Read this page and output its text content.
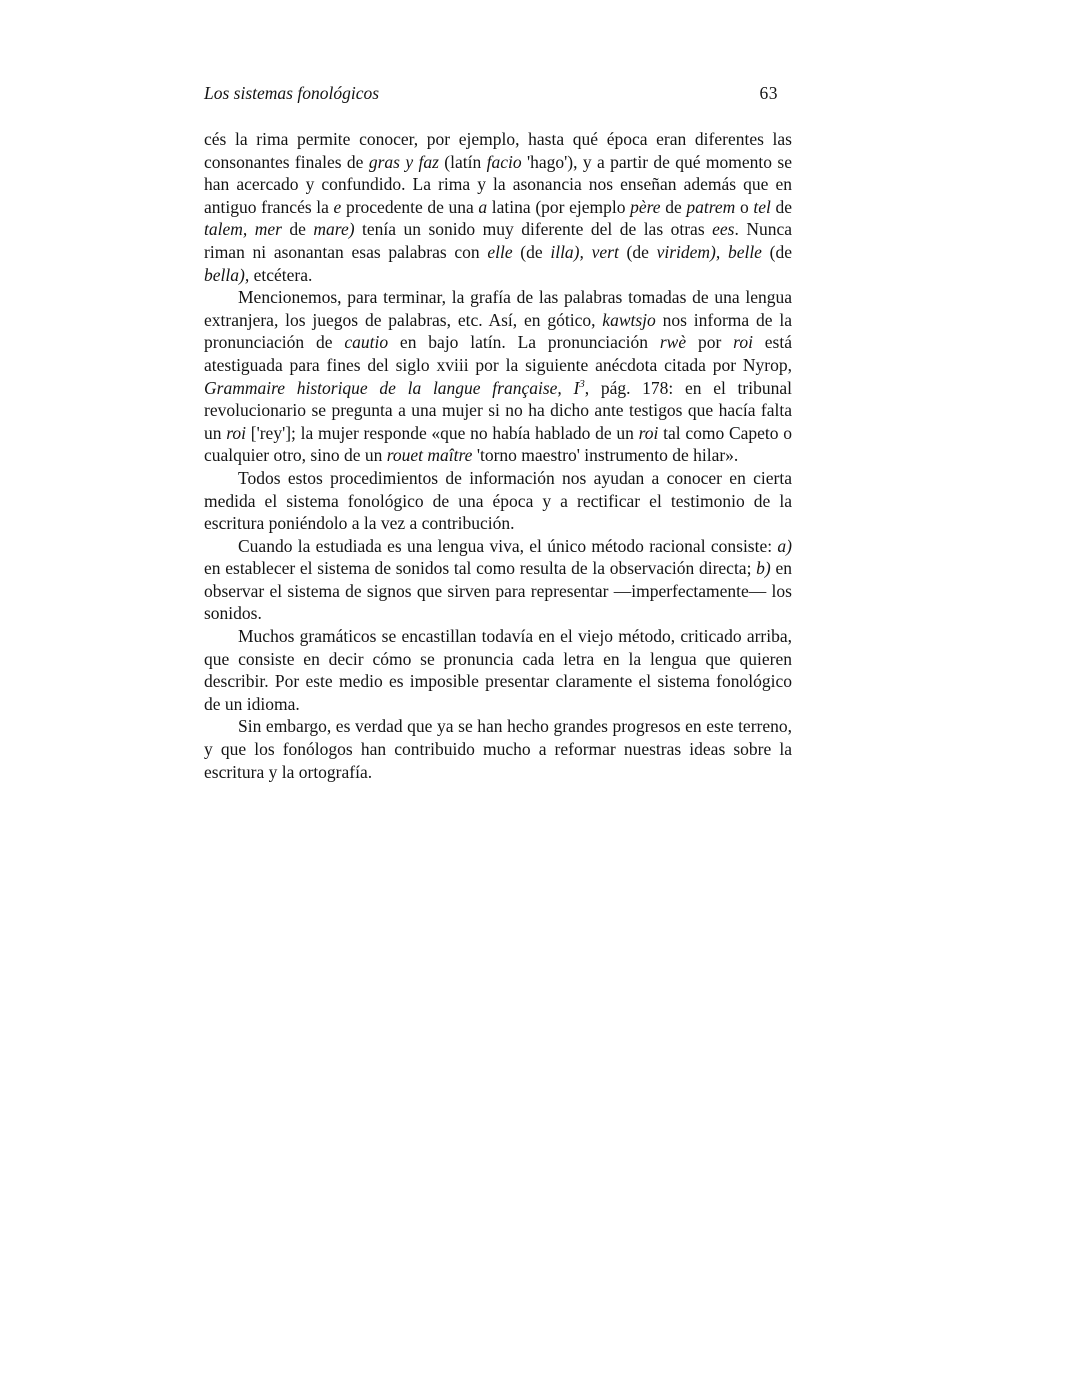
Los sistemas fonológicos	63

cés la rima permite conocer, por ejemplo, hasta qué época eran diferentes las consonantes finales de gras y faz (latín facio 'hago'), y a partir de qué momento se han acercado y confundido. La rima y la asonancia nos enseñan además que en antiguo francés la e procedente de una a latina (por ejemplo père de patrem o tel de talem, mer de mare) tenía un sonido muy diferente del de las otras ees. Nunca riman ni asonantan esas palabras con elle (de illa), vert (de viridem), belle (de bella), etcétera.

Mencionemos, para terminar, la grafía de las palabras tomadas de una lengua extranjera, los juegos de palabras, etc. Así, en gótico, kawtsjo nos informa de la pronunciación de cautio en bajo latín. La pronunciación rwè por roi está atestiguada para fines del siglo xviii por la siguiente anécdota citada por Nyrop, Grammaire historique de la langue française, $I^3$, pág. 178: en el tribunal revolucionario se pregunta a una mujer si no ha dicho ante testigos que hacía falta un roi ['rey']; la mujer responde «que no había hablado de un roi tal como Capeto o cualquier otro, sino de un rouet maître 'torno maestro' instrumento de hilar».

Todos estos procedimientos de información nos ayudan a conocer en cierta medida el sistema fonológico de una época y a rectificar el testimonio de la escritura poniéndolo a la vez a contribución.

Cuando la estudiada es una lengua viva, el único método racional consiste: a) en establecer el sistema de sonidos tal como resulta de la observación directa; b) en observar el sistema de signos que sirven para representar —imperfectamente— los sonidos.

Muchos gramáticos se encastillan todavía en el viejo método, criticado arriba, que consiste en decir cómo se pronuncia cada letra en la lengua que quieren describir. Por este medio es imposible presentar claramente el sistema fonológico de un idioma.

Sin embargo, es verdad que ya se han hecho grandes progresos en este terreno, y que los fonólogos han contribuido mucho a reformar nuestras ideas sobre la escritura y la ortografía.
